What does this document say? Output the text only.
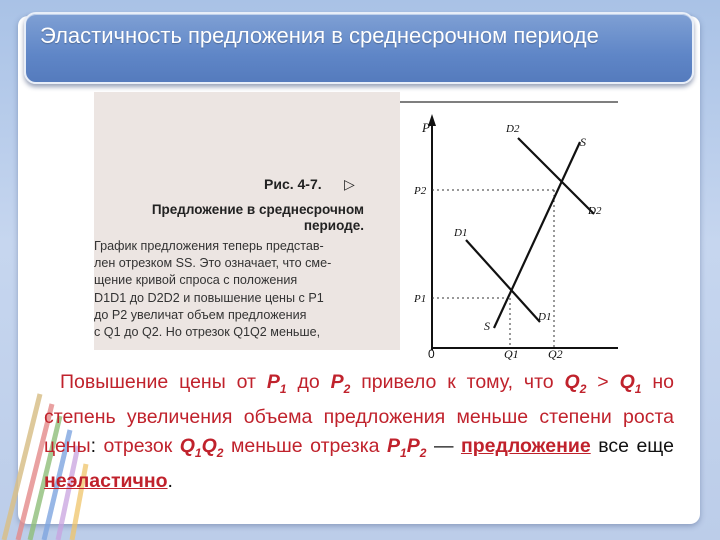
Эластичность предложения в среднесрочном периоде
Рис. 4-7. ▷
Предложение в среднесрочном
периоде.
График предложения теперь представ-
лен отрезком SS. Это означает, что сме-
щение кривой спроса с положения
D1D1 до D2D2 и повышение цены с P1
до P2 увеличат объем предложения
с Q1 до Q2. Но отрезок Q1Q2 меньше,
P
P2
P1
0	Q1 Q2
S
S
D2
D2
D1
D1
Повышение цены от $P_1$ до $P_2$ привело к тому, что $Q_2 > Q_1$ но степень увеличения объема предложения меньше степени роста цены: отрезок $Q_1Q_2$ меньше отрезка $P_1P_2$ — предложение все еще неэластично.
